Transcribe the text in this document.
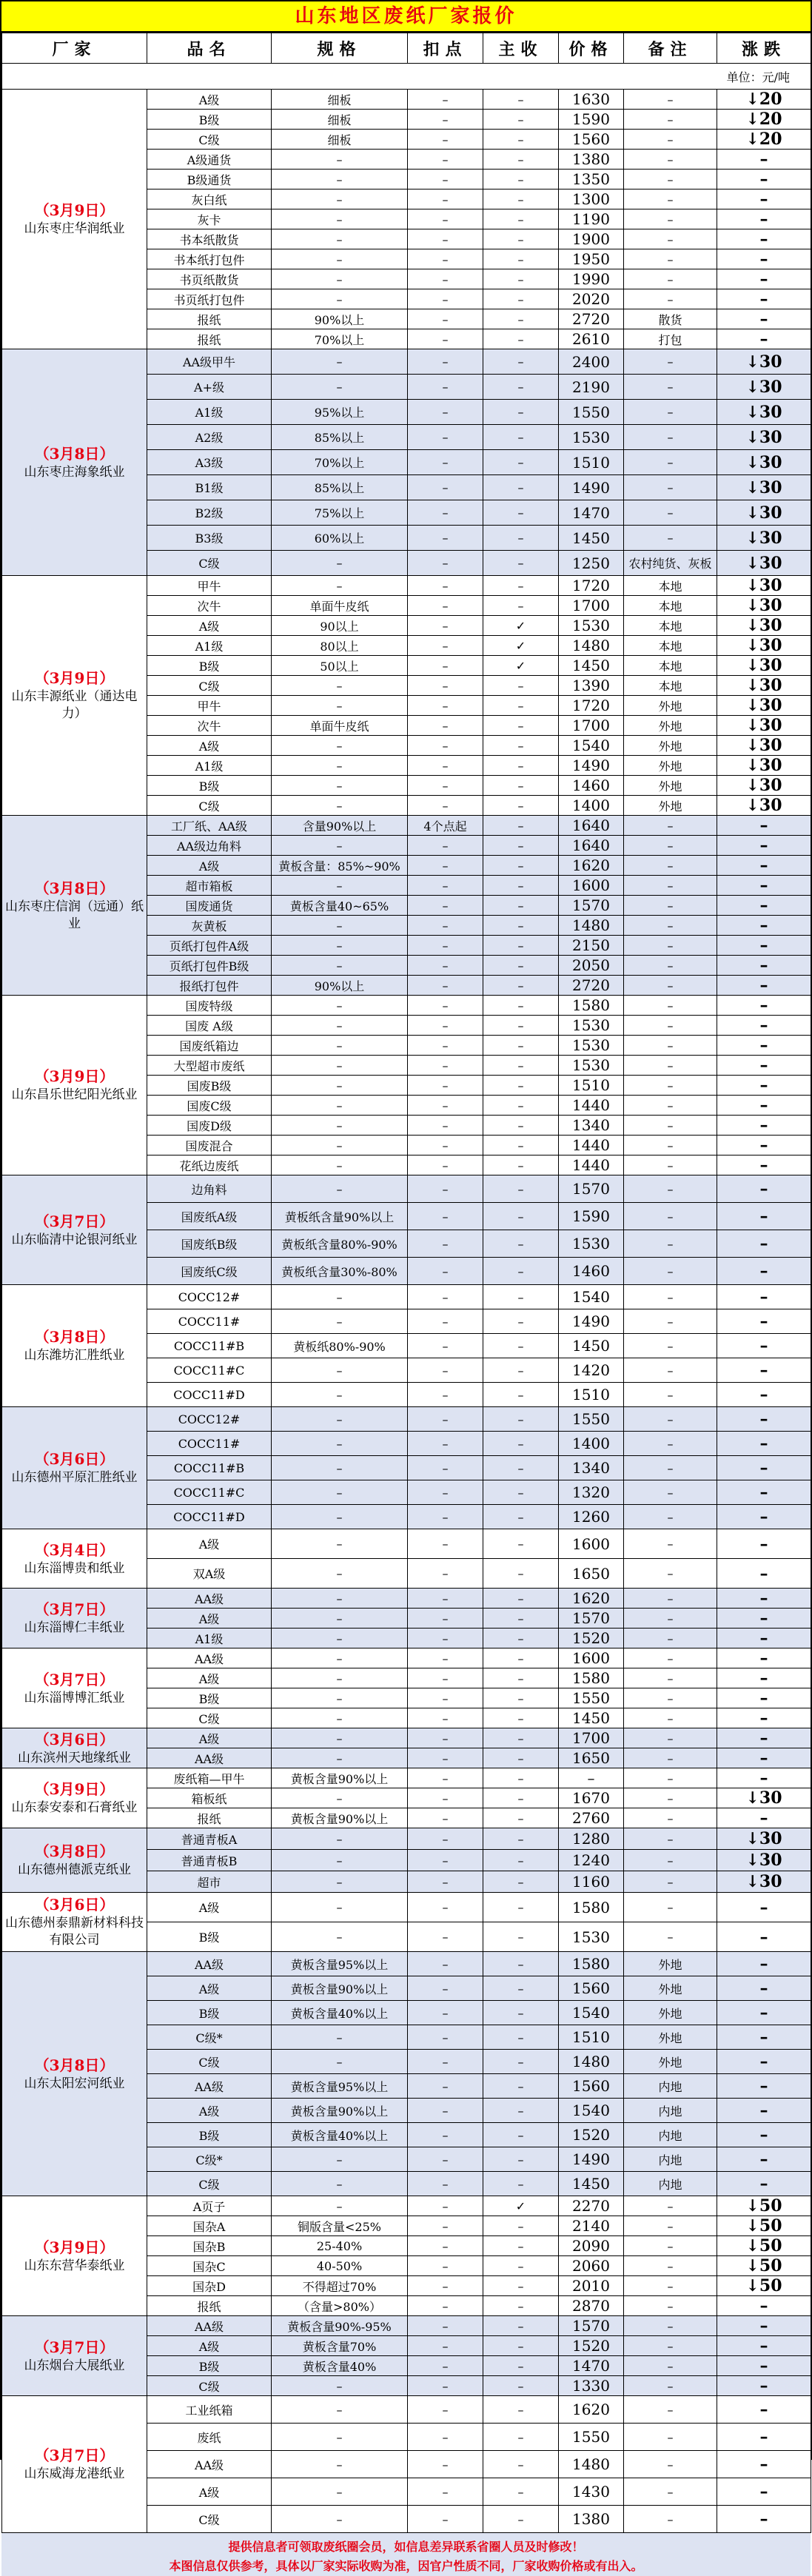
山东地区废纸厂家报价
厂家	品名	规格	扣点	主收	价格	备注	涨跌
单位：元/吨							

（3月9日）
山东枣庄华润纸业	A级	细板	–	–	1630	–	↓20
	B级	细板	–	–	1590	–	↓20
	C级	细板	–	–	1560	–	↓20
	A级通货	–	–	–	1380	–	–
	B级通货	–	–	–	1350	–	–
	灰白纸	–	–	–	1300	–	–
	灰卡	–	–	–	1190	–	–
	书本纸散货	–	–	–	1900	–	–
	书本纸打包件	–	–	–	1950	–	–
	书页纸散货	–	–	–	1990	–	–
	书页纸打包件	–	–	–	2020	–	–
	报纸	90%以上	–	–	2720	散货	–
	报纸	70%以上	–	–	2610	打包	–

（3月8日）
山东枣庄海象纸业	AA级甲牛	–	–	–	2400	–	↓30
	A+级	–	–	–	2190	–	↓30
	A1级	95%以上	–	–	1550	–	↓30
	A2级	85%以上	–	–	1530	–	↓30
	A3级	70%以上	–	–	1510	–	↓30
	B1级	85%以上	–	–	1490	–	↓30
	B2级	75%以上	–	–	1470	–	↓30
	B3级	60%以上	–	–	1450	–	↓30
	C级	–	–	–	1250	农村纯货、灰板	↓30

（3月9日）
山东丰源纸业（通达电力）	甲牛	–	–	–	1720	本地	↓30
	次牛	单面牛皮纸	–	–	1700	本地	↓30
	A级	90以上	–	✓	1530	本地	↓30
	A1级	80以上	–	✓	1480	本地	↓30
	B级	50以上	–	✓	1450	本地	↓30
	C级	–	–	–	1390	本地	↓30
	甲牛	–	–	–	1720	外地	↓30
	次牛	单面牛皮纸	–	–	1700	外地	↓30
	A级	–	–	–	1540	外地	↓30
	A1级	–	–	–	1490	外地	↓30
	B级	–	–	–	1460	外地	↓30
	C级	–	–	–	1400	外地	↓30

（3月8日）
山东枣庄信润（远通）纸业	工厂纸、AA级	含量90%以上	4个点起	–	1640	–	–
	AA级边角料	–	–	–	1640	–	–
	A级	黄板含量：85%~90%	–	–	1620	–	–
	超市箱板	–	–	–	1600	–	–
	国废通货	黄板含量40~65%	–	–	1570	–	–
	灰黄板	–	–	–	1480	–	–
	页纸打包件A级	–	–	–	2150	–	–
	页纸打包件B级	–	–	–	2050	–	–
	报纸打包件	90%以上	–	–	2720	–	–

（3月9日）
山东昌乐世纪阳光纸业	国废特级	–	–	–	1580	–	–
	国废 A级	–	–	–	1530	–	–
	国废纸箱边	–	–	–	1530	–	–
	大型超市废纸	–	–	–	1530	–	–
	国废B级	–	–	–	1510	–	–
	国废C级	–	–	–	1440	–	–
	国废D级	–	–	–	1340	–	–
	国废混合	–	–	–	1440	–	–
	花纸边废纸	–	–	–	1440	–	–

（3月7日）
山东临清中论银河纸业	边角料	–	–	–	1570	–	–
	国废纸A级	黄板纸含量90%以上	–	–	1590	–	–
	国废纸B级	黄板纸含量80%-90%	–	–	1530	–	–
	国废纸C级	黄板纸含量30%-80%	–	–	1460	–	–

（3月8日）
山东潍坊汇胜纸业	COCC12#	–	–	–	1540	–	–
	COCC11#	–	–	–	1490	–	–
	COCC11#B	黄板纸80%-90%	–	–	1450	–	–
	COCC11#C	–	–	–	1420	–	–
	COCC11#D	–	–	–	1510	–	–

（3月6日）
山东德州平原汇胜纸业	COCC12#	–	–	–	1550	–	–
	COCC11#	–	–	–	1400	–	–
	COCC11#B	–	–	–	1340	–	–
	COCC11#C	–	–	–	1320	–	–
	COCC11#D	–	–	–	1260	–	–

（3月4日）
山东淄博贵和纸业	A级	–	–	–	1600	–	–
	双A级	–	–	–	1650	–	–

（3月7日）
山东淄博仁丰纸业	AA级	–	–	–	1620	–	–
	A级	–	–	–	1570	–	–
	A1级	–	–	–	1520	–	–

（3月7日）
山东淄博博汇纸业	AA级	–	–	–	1600	–	–
	A级	–	–	–	1580	–	–
	B级	–	–	–	1550	–	–
	C级	–	–	–	1450	–	–

（3月6日）
山东滨州天地缘纸业	A级	–	–	–	1700	–	–
	AA级	–	–	–	1650	–	–

（3月9日）
山东泰安泰和石膏纸业	废纸箱—甲牛	黄板含量90%以上	–	–	–	–	–
	箱板纸	–	–	–	1670	–	↓30
	报纸	黄板含量90%以上	–	–	2760	–	–

（3月8日）
山东德州德派克纸业	普通青板A	–	–	–	1280	–	↓30
	普通青板B	–	–	–	1240	–	↓30
	超市	–	–	–	1160	–	↓30

（3月6日）
山东德州泰鼎新材料科技有限公司	A级	–	–	–	1580	–	–
	B级	–	–	–	1530	–	–

（3月8日）
山东太阳宏河纸业	AA级	黄板含量95%以上	–	–	1580	外地	–
	A级	黄板含量90%以上	–	–	1560	外地	–
	B级	黄板含量40%以上	–	–	1540	外地	–
	C级*	–	–	–	1510	外地	–
	C级	–	–	–	1480	外地	–
	AA级	黄板含量95%以上	–	–	1560	内地	–
	A级	黄板含量90%以上	–	–	1540	内地	–
	B级	黄板含量40%以上	–	–	1520	内地	–
	C级*	–	–	–	1490	内地	–
	C级	–	–	–	1450	内地	–

（3月9日）
山东东营华泰纸业	A页子	–	–	✓	2270	–	↓50
	国杂A	铜版含量<25%	–	–	2140	–	↓50
	国杂B	25-40%	–	–	2090	–	↓50
	国杂C	40-50%	–	–	2060	–	↓50
	国杂D	不得超过70%	–	–	2010	–	↓50
	报纸	（含量>80%）	–	–	2870	–	–

（3月7日）
山东烟台大展纸业	AA级	黄板含量90%-95%	–	–	1570	–	–
	A级	黄板含量70%	–	–	1520	–	–
	B级	黄板含量40%	–	–	1470	–	–
	C级	–	–	–	1330	–	–

（3月7日）
山东威海龙港纸业	工业纸箱	–	–	–	1620	–	–
	废纸	–	–	–	1550	–	–
	AA级	–	–	–	1480	–	–
	A级	–	–	–	1430	–	–
	C级	–	–	–	1380	–	–
提供信息者可领取废纸圈会员，如信息差异联系省圈人员及时修改！
本图信息仅供参考，具体以厂家实际收购为准，因官户性质不同，厂家收购价格或有出入。
